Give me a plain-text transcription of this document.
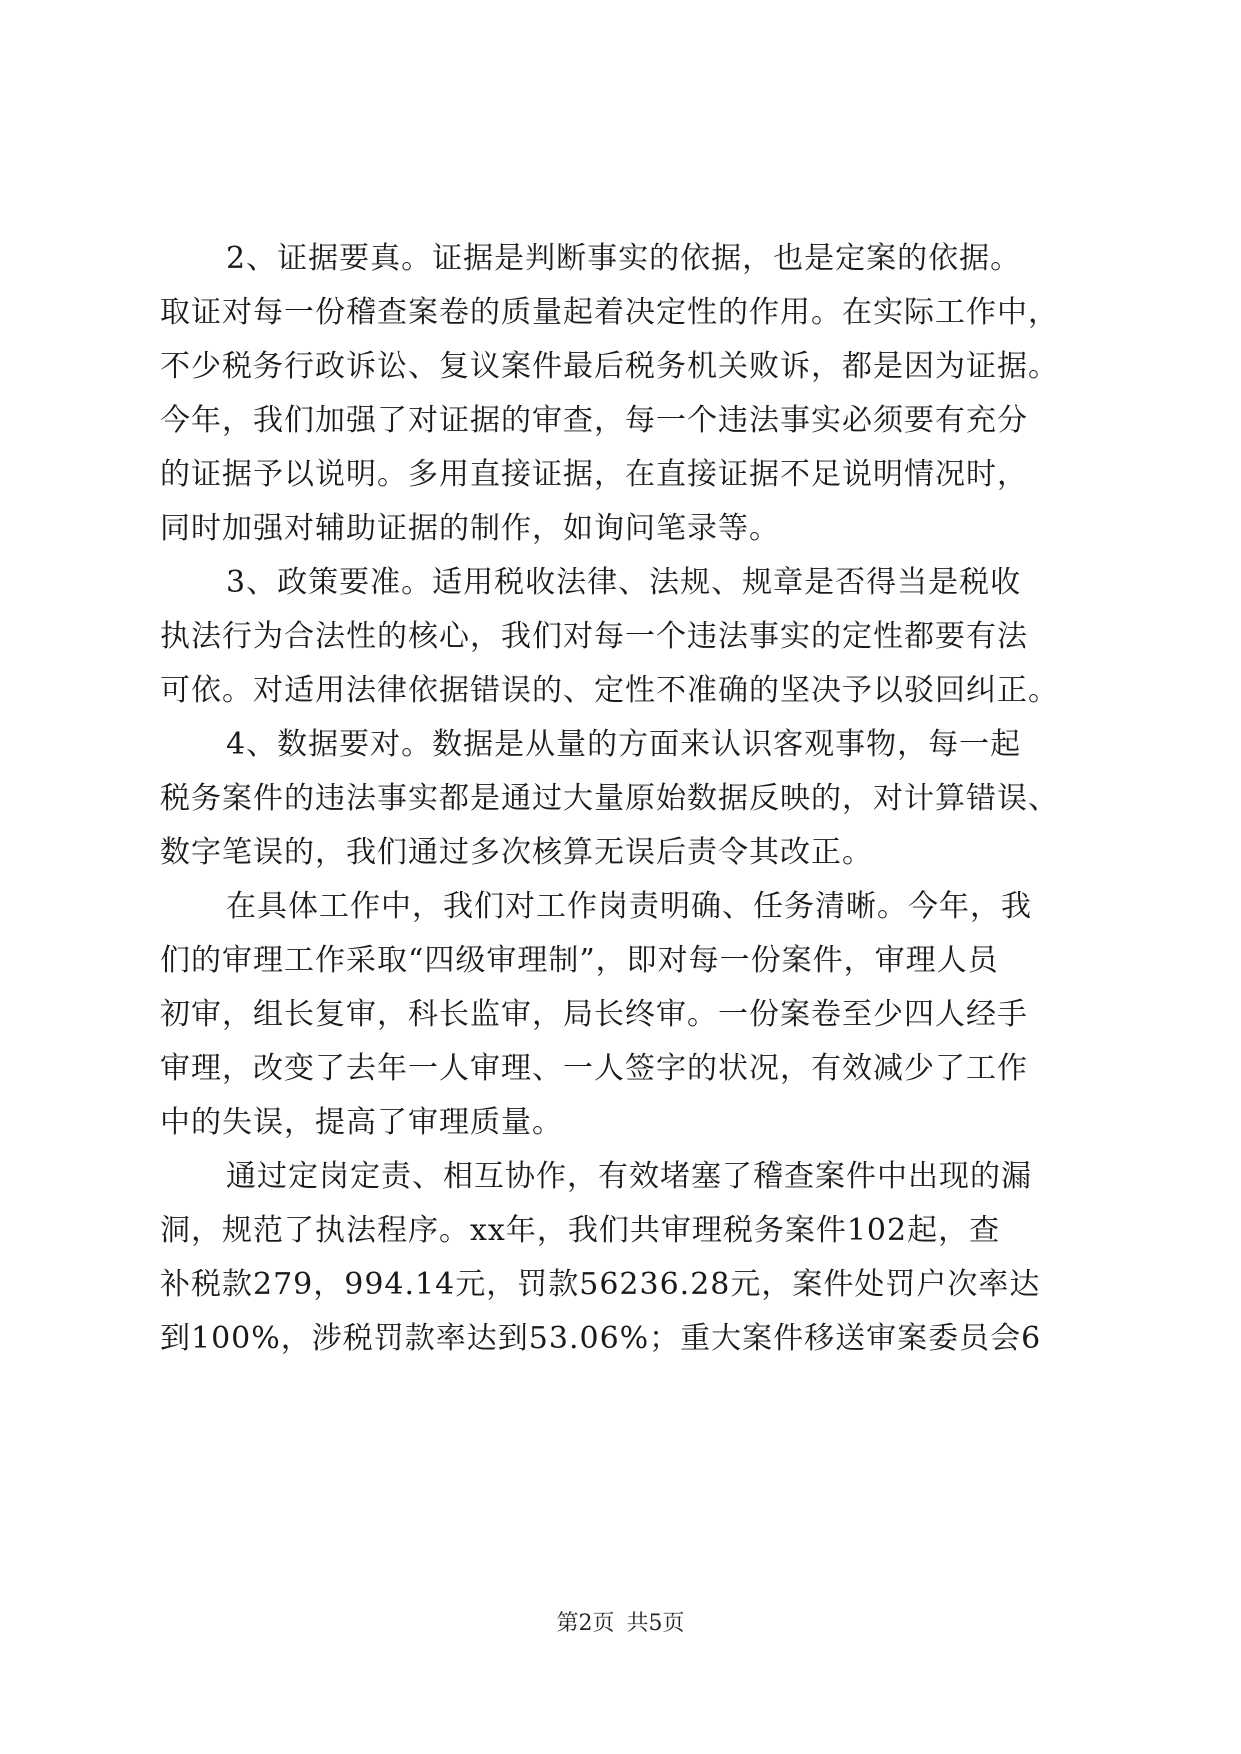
2、证据要真。证据是判断事实的依据，也是定案的依据。
取证对每一份稽查案卷的质量起着决定性的作用。在实际工作中，
不少税务行政诉讼、复议案件最后税务机关败诉，都是因为证据。
今年，我们加强了对证据的审查，每一个违法事实必须要有充分
的证据予以说明。多用直接证据，在直接证据不足说明情况时，
同时加强对辅助证据的制作，如询问笔录等。
3、政策要准。适用税收法律、法规、规章是否得当是税收
执法行为合法性的核心，我们对每一个违法事实的定性都要有法
可依。对适用法律依据错误的、定性不准确的坚决予以驳回纠正。
4、数据要对。数据是从量的方面来认识客观事物，每一起
税务案件的违法事实都是通过大量原始数据反映的，对计算错误、
数字笔误的，我们通过多次核算无误后责令其改正。
在具体工作中，我们对工作岗责明确、任务清晰。今年，我
们的审理工作采取“四级审理制”，即对每一份案件，审理人员
初审，组长复审，科长监审，局长终审。一份案卷至少四人经手
审理，改变了去年一人审理、一人签字的状况，有效减少了工作
中的失误，提高了审理质量。
通过定岗定责、相互协作，有效堵塞了稽查案件中出现的漏
洞，规范了执法程序。xx年，我们共审理税务案件102起，查
补税款279，994.14元，罚款56236.28元，案件处罚户次率达
到100%，涉税罚款率达到53.06%；重大案件移送审案委员会6
第2页 共5页
